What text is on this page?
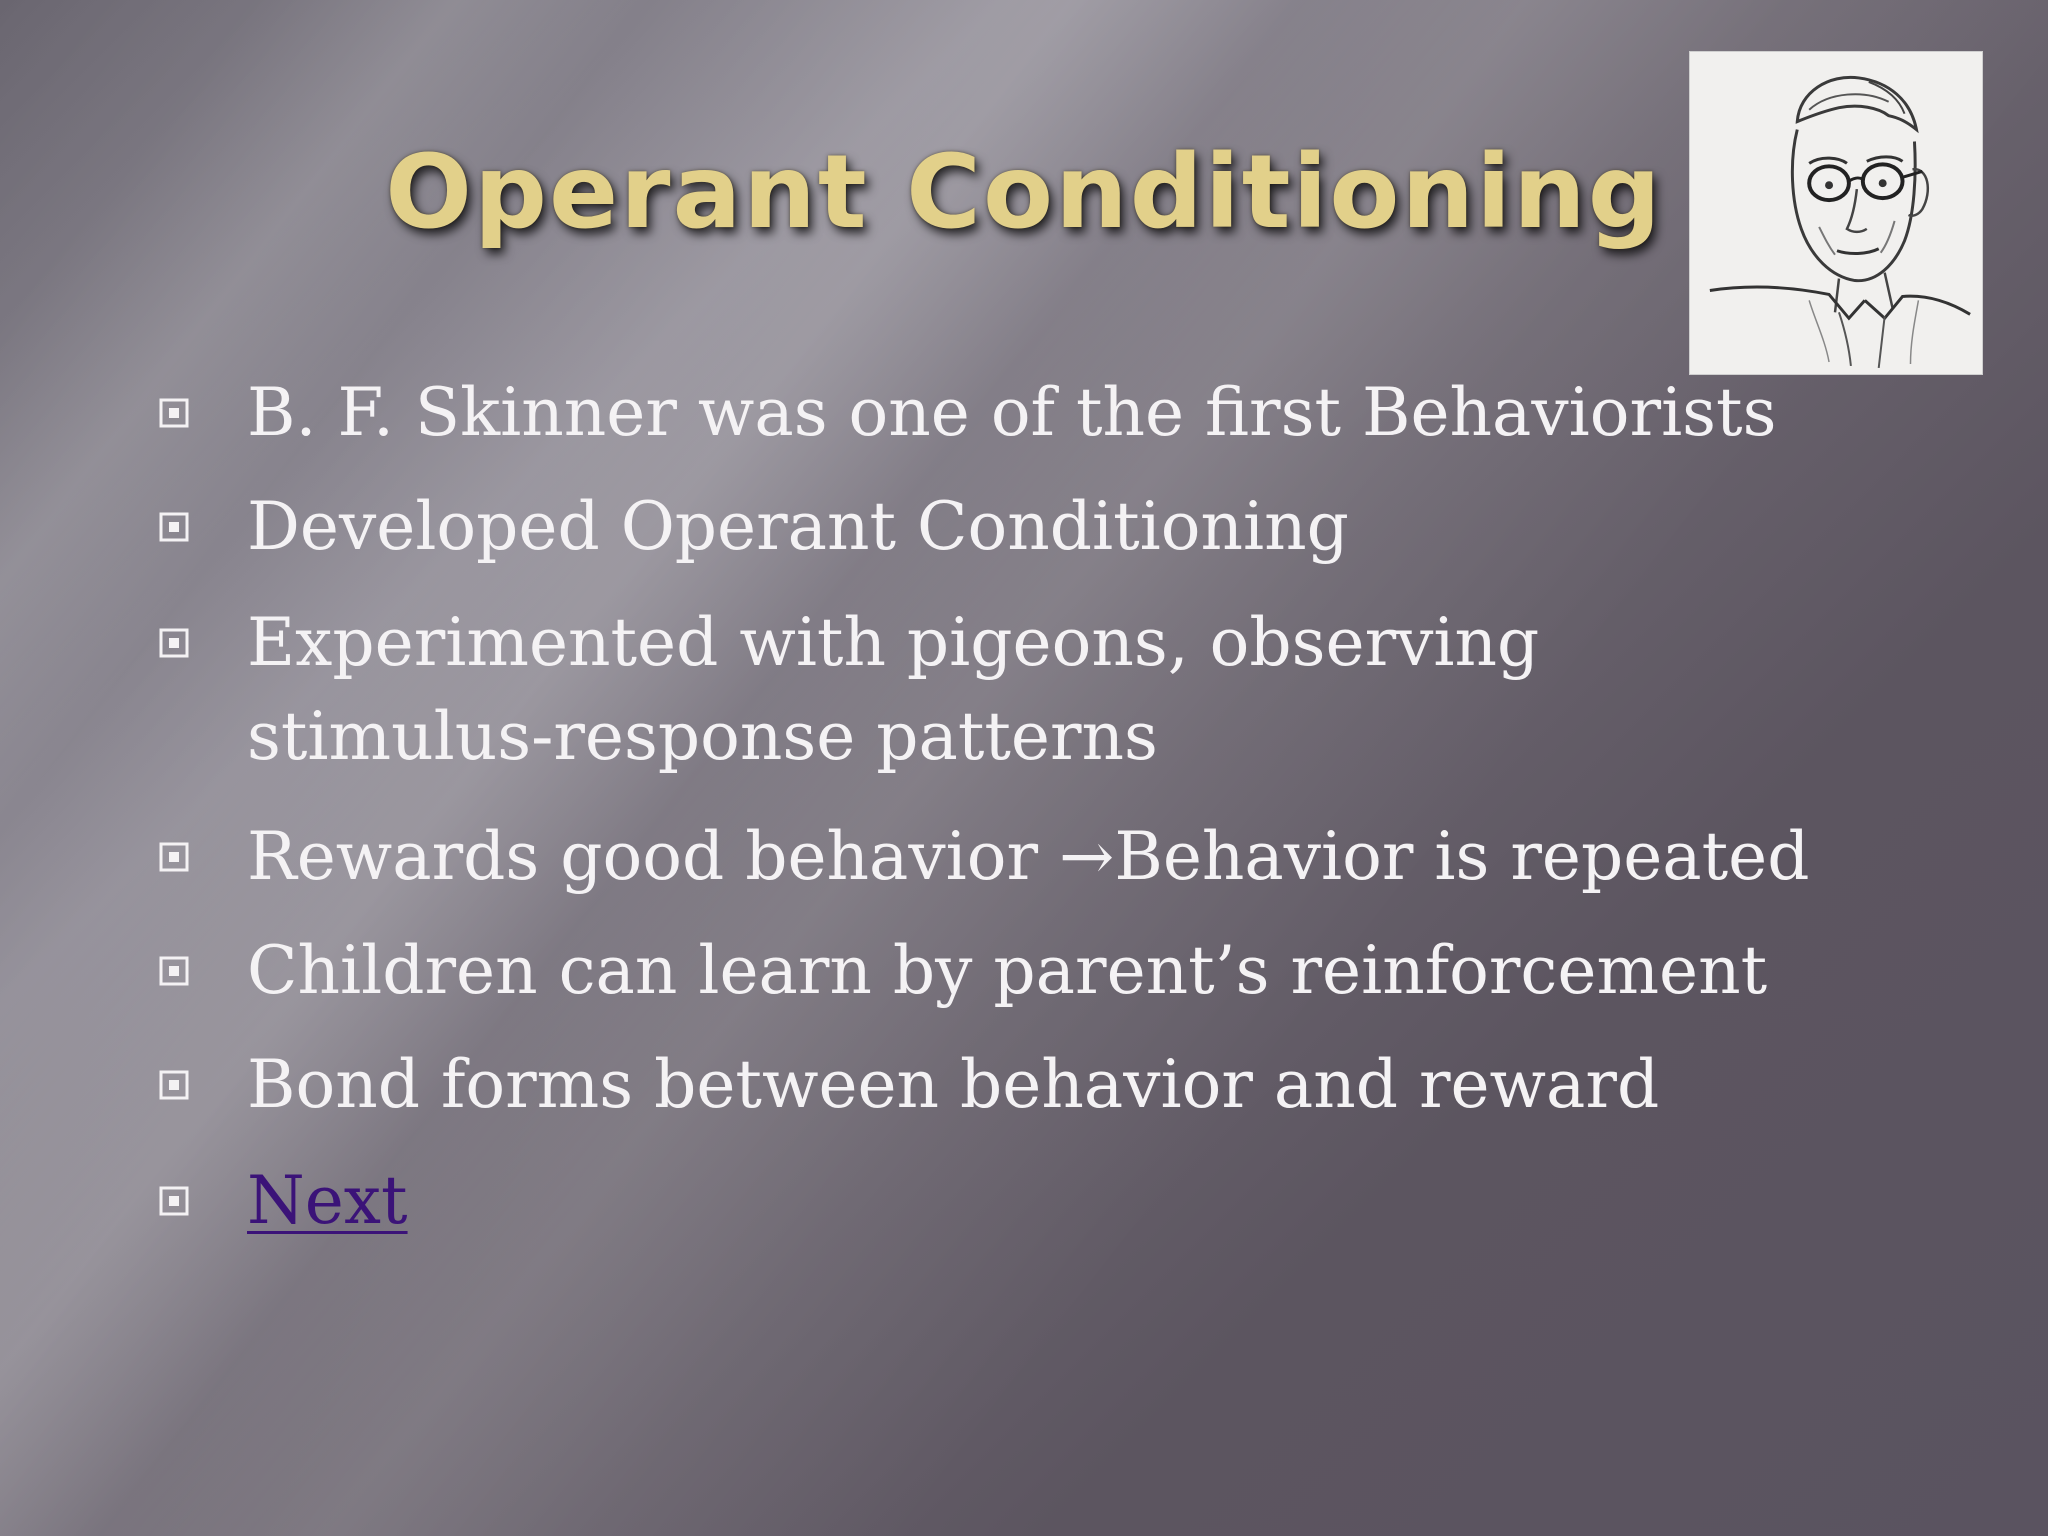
Operant Conditioning
B. F. Skinner was one of the first Behaviorists
Developed Operant Conditioning
Experimented with pigeons, observing
stimulus-response patterns
Rewards good behavior →Behavior is repeated
Children can learn by parent’s reinforcement
Bond forms between behavior and reward
Next
